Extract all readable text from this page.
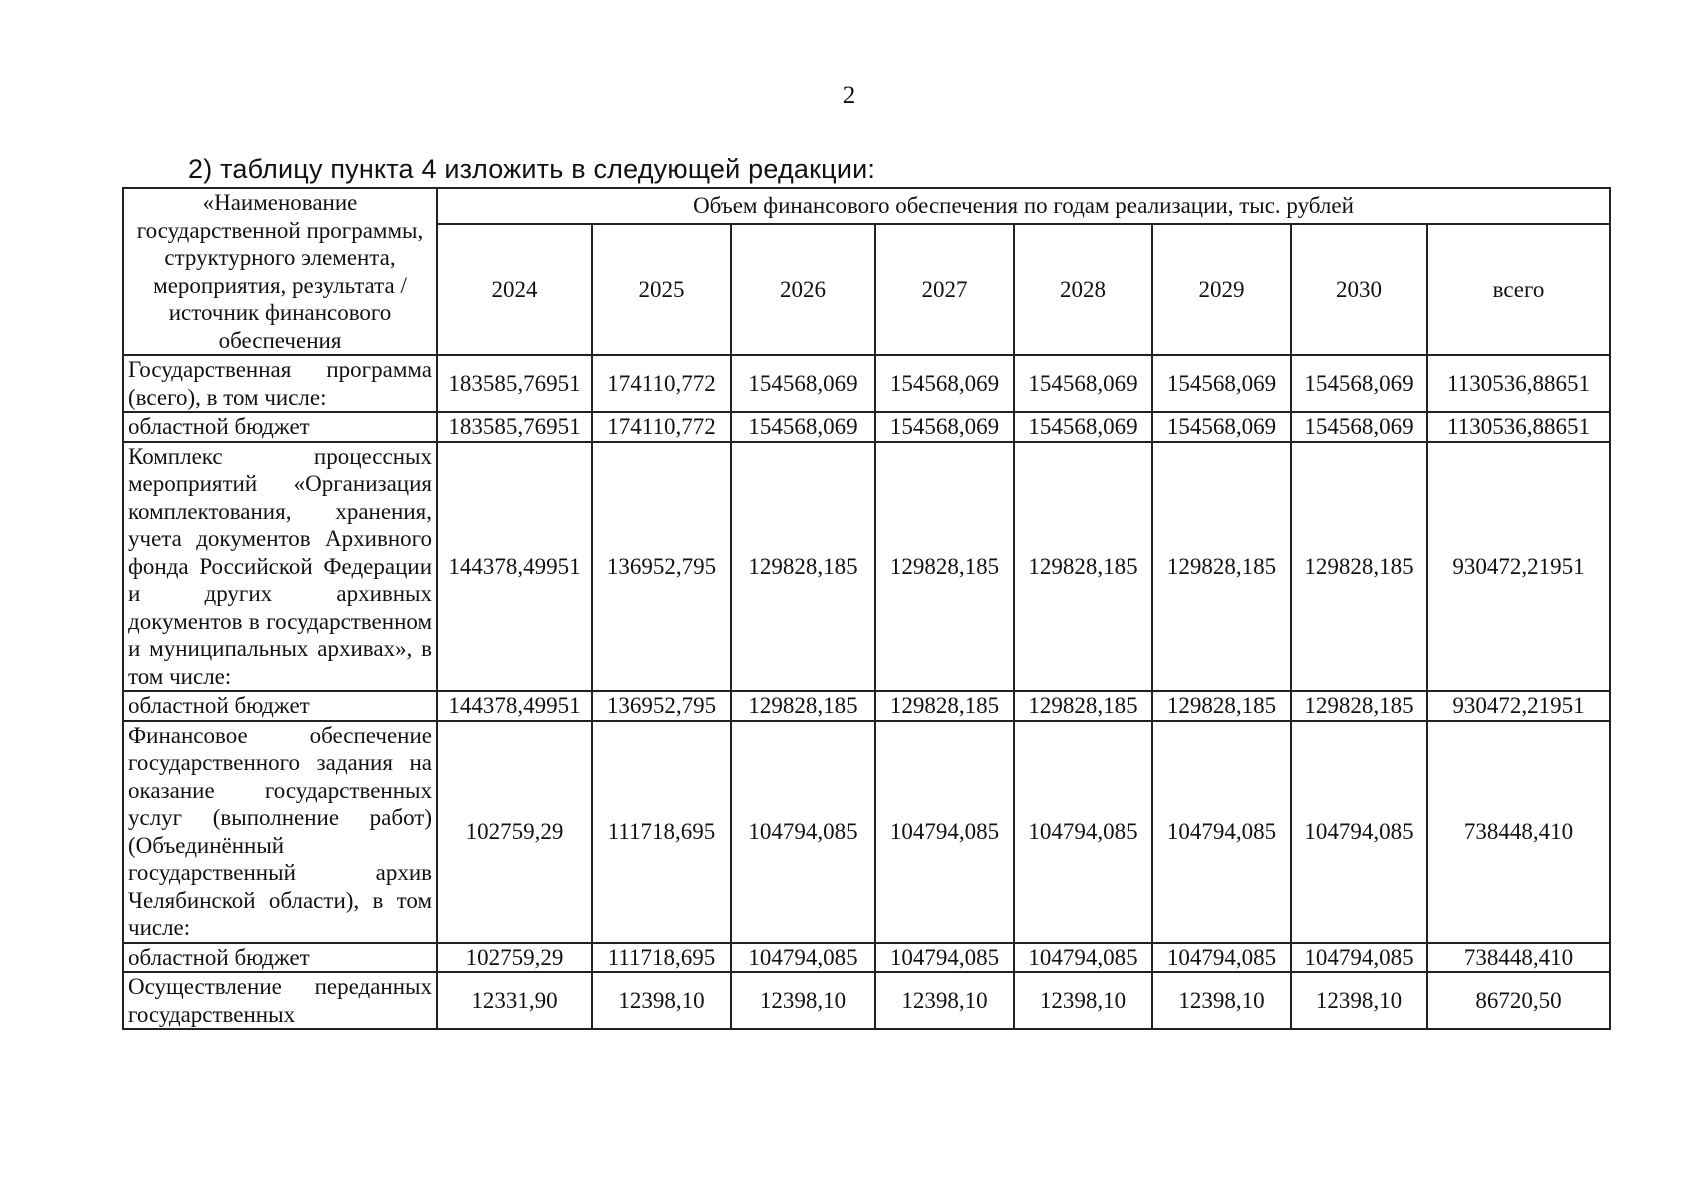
2
2) таблицу пункта 4 изложить в следующей редакции:
«Наименование государственной программы, структурного элемента, мероприятия, результата / источник финансового обеспечения	Объем финансового обеспечения по годам реализации, тыс. рублей							
	2024	2025	2026	2027	2028	2029	2030	всего
Государственная программа (всего), в том числе:	183585,76951	174110,772	154568,069	154568,069	154568,069	154568,069	154568,069	1130536,88651
областной бюджет	183585,76951	174110,772	154568,069	154568,069	154568,069	154568,069	154568,069	1130536,88651
Комплекс процессных мероприятий «Организация комплектования, хранения, учета документов Архивного фонда Российской Федерации и других архивных документов в государственном и муниципальных архивах», в том числе:	144378,49951	136952,795	129828,185	129828,185	129828,185	129828,185	129828,185	930472,21951
областной бюджет	144378,49951	136952,795	129828,185	129828,185	129828,185	129828,185	129828,185	930472,21951
Финансовое обеспечение государственного задания на оказание государственных услуг (выполнение работ) (Объединённый государственный архив Челябинской области), в том числе:	102759,29	111718,695	104794,085	104794,085	104794,085	104794,085	104794,085	738448,410
областной бюджет	102759,29	111718,695	104794,085	104794,085	104794,085	104794,085	104794,085	738448,410
Осуществление переданных государственных	12331,90	12398,10	12398,10	12398,10	12398,10	12398,10	12398,10	86720,50
